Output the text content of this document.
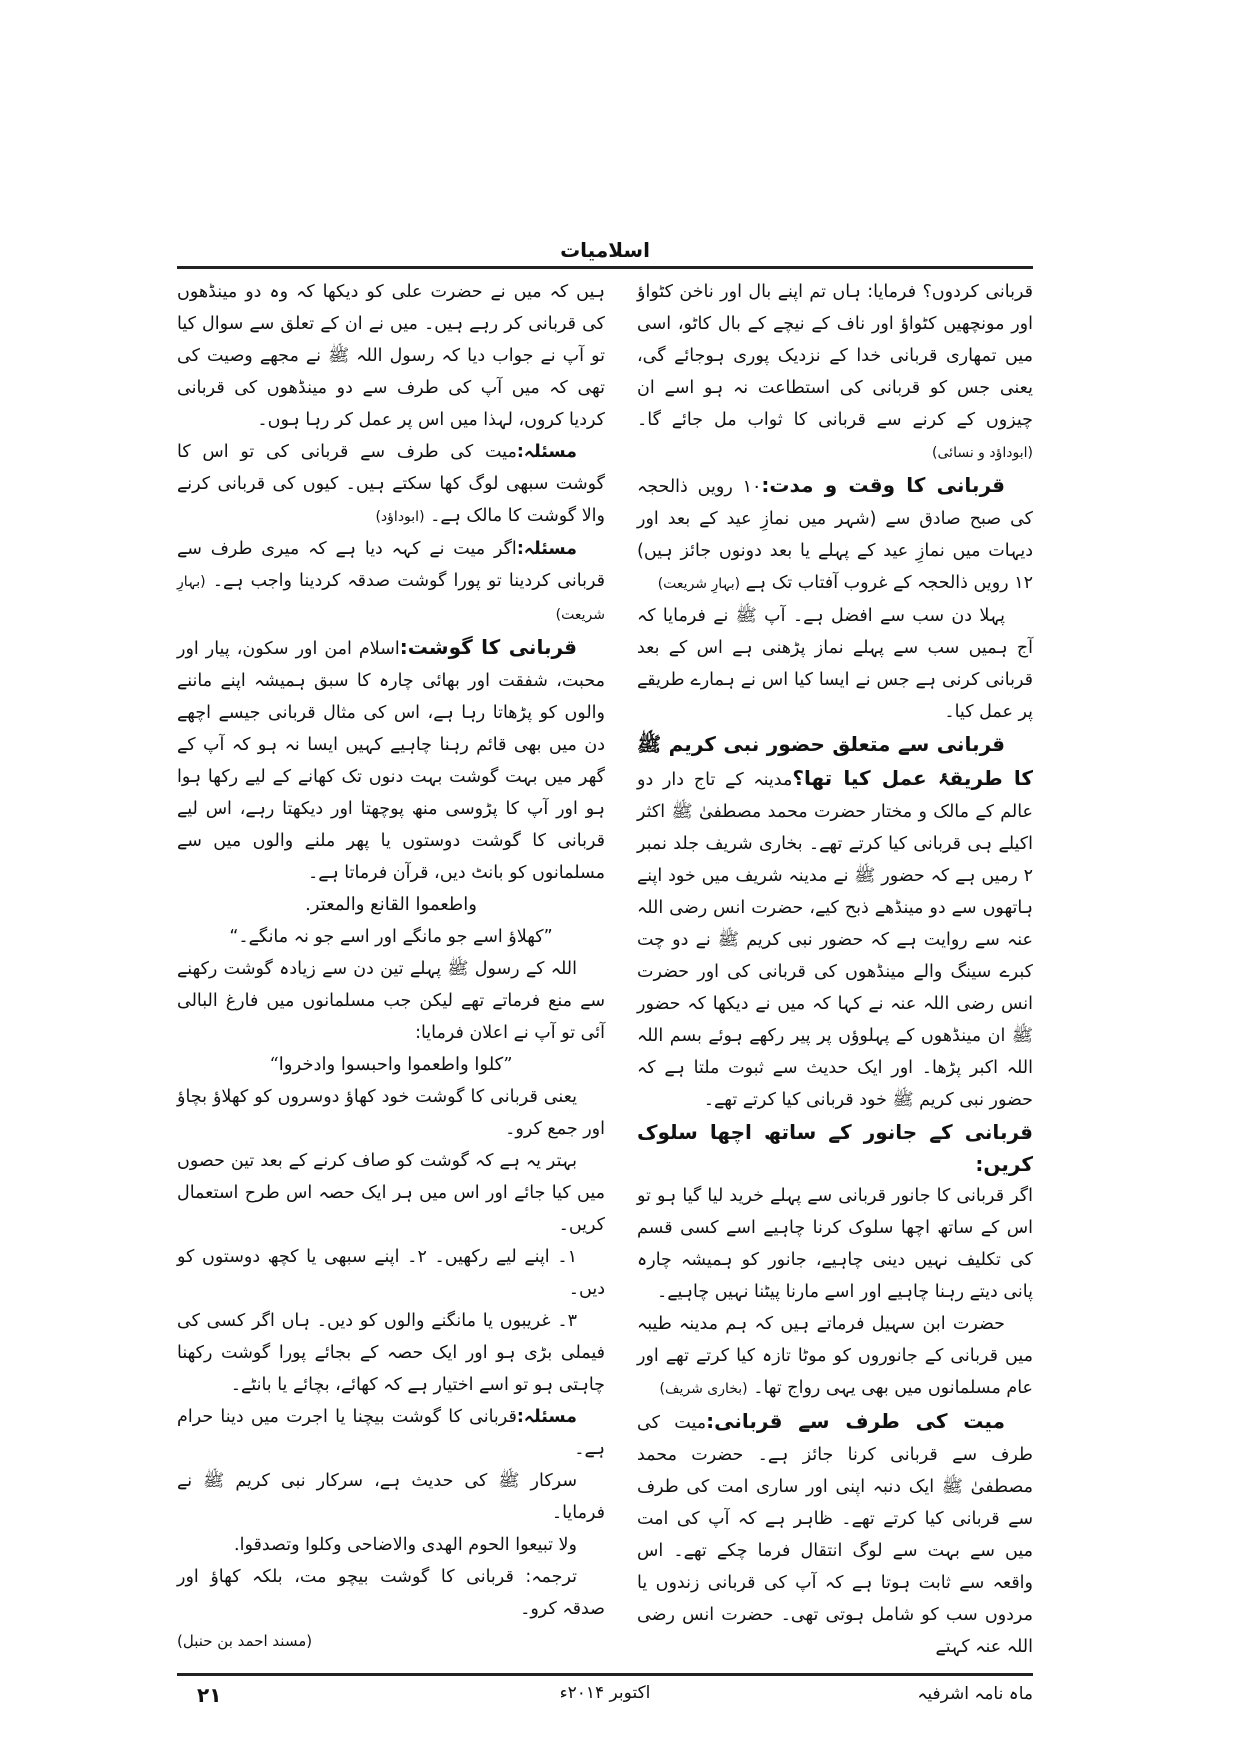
اسلامیات

قربانی کردوں؟ فرمایا: ہاں تم اپنے بال اور ناخن کٹواؤ اور مونچھیں کٹواؤ اور ناف کے نیچے کے بال کاٹو، اسی میں تمھاری قربانی خدا کے نزدیک پوری ہوجائے گی، یعنی جس کو قربانی کی استطاعت نہ ہو اسے ان چیزوں کے کرنے سے قربانی کا ثواب مل جائے گا۔ (ابوداؤد و نسائی)

قربانی کا وقت و مدت:۱۰ رویں ذالحجہ کی صبح صادق سے (شہر میں نمازِ عید کے بعد اور دیہات میں نمازِ عید کے پہلے یا بعد دونوں جائز ہیں) ۱۲ رویں ذالحجہ کے غروب آفتاب تک ہے (بہارِ شریعت)

پہلا دن سب سے افضل ہے۔ آپ ﷺ نے فرمایا کہ آج ہمیں سب سے پہلے نماز پڑھنی ہے اس کے بعد قربانی کرنی ہے جس نے ایسا کیا اس نے ہمارے طریقے پر عمل کیا۔

قربانی سے متعلق حضور نبی کریم ﷺ کا طریقۂ عمل کیا تھا؟مدینہ کے تاج دار دو عالم کے مالک و مختار حضرت محمد مصطفیٰ ﷺ اکثر اکیلے ہی قربانی کیا کرتے تھے۔ بخاری شریف جلد نمبر ۲ رمیں ہے کہ حضور ﷺ نے مدینہ شریف میں خود اپنے ہاتھوں سے دو مینڈھے ذبح کیے، حضرت انس رضی اللہ عنہ سے روایت ہے کہ حضور نبی کریم ﷺ نے دو چت کبرے سینگ والے مینڈھوں کی قربانی کی اور حضرت انس رضی اللہ عنہ نے کہا کہ میں نے دیکھا کہ حضور ﷺ ان مینڈھوں کے پہلوؤں پر پیر رکھے ہوئے بسم اللہ اللہ اکبر پڑھا۔ اور ایک حدیث سے ثبوت ملتا ہے کہ حضور نبی کریم ﷺ خود قربانی کیا کرتے تھے۔

قربانی کے جانور کے ساتھ اچھا سلوک کریں:

اگر قربانی کا جانور قربانی سے پہلے خرید لیا گیا ہو تو اس کے ساتھ اچھا سلوک کرنا چاہیے اسے کسی قسم کی تکلیف نہیں دینی چاہیے، جانور کو ہمیشہ چارہ پانی دیتے رہنا چاہیے اور اسے مارنا پیٹنا نہیں چاہیے۔

حضرت ابن سہیل فرماتے ہیں کہ ہم مدینہ طیبہ میں قربانی کے جانوروں کو موٹا تازہ کیا کرتے تھے اور عام مسلمانوں میں بھی یہی رواج تھا۔ (بخاری شریف)

میت کی طرف سے قربانی:میت کی طرف سے قربانی کرنا جائز ہے۔ حضرت محمد مصطفیٰ ﷺ ایک دنبہ اپنی اور ساری امت کی طرف سے قربانی کیا کرتے تھے۔ ظاہر ہے کہ آپ کی امت میں سے بہت سے لوگ انتقال فرما چکے تھے۔ اس واقعہ سے ثابت ہوتا ہے کہ آپ کی قربانی زندوں یا مردوں سب کو شامل ہوتی تھی۔ حضرت انس رضی اللہ عنہ کہتے

ہیں کہ میں نے حضرت علی کو دیکھا کہ وہ دو مینڈھوں کی قربانی کر رہے ہیں۔ میں نے ان کے تعلق سے سوال کیا تو آپ نے جواب دیا کہ رسول اللہ ﷺ نے مجھے وصیت کی تھی کہ میں آپ کی طرف سے دو مینڈھوں کی قربانی کردیا کروں، لہذا میں اس پر عمل کر رہا ہوں۔

مسئلہ:میت کی طرف سے قربانی کی تو اس کا گوشت سبھی لوگ کھا سکتے ہیں۔ کیوں کی قربانی کرنے والا گوشت کا مالک ہے۔ (ابوداؤد)

مسئلہ:اگر میت نے کہہ دیا ہے کہ میری طرف سے قربانی کردینا تو پورا گوشت صدقہ کردینا واجب ہے۔ (بہارِ شریعت)

قربانی کا گوشت:اسلام امن اور سکون، پیار اور محبت، شفقت اور بھائی چارہ کا سبق ہمیشہ اپنے ماننے والوں کو پڑھاتا رہا ہے، اس کی مثال قربانی جیسے اچھے دن میں بھی قائم رہنا چاہیے کہیں ایسا نہ ہو کہ آپ کے گھر میں بہت گوشت بہت دنوں تک کھانے کے لیے رکھا ہوا ہو اور آپ کا پڑوسی منھ پوچھتا اور دیکھتا رہے، اس لیے قربانی کا گوشت دوستوں یا پھر ملنے والوں میں سے مسلمانوں کو بانٹ دیں، قرآن فرماتا ہے۔

واطعموا القانع والمعتر.

”کھلاؤ اسے جو مانگے اور اسے جو نہ مانگے۔“

اللہ کے رسول ﷺ پہلے تین دن سے زیادہ گوشت رکھنے سے منع فرماتے تھے لیکن جب مسلمانوں میں فارغ البالی آئی تو آپ نے اعلان فرمایا:

”کلوا واطعموا واحبسوا وادخروا“

یعنی قربانی کا گوشت خود کھاؤ دوسروں کو کھلاؤ بچاؤ اور جمع کرو۔

بہتر یہ ہے کہ گوشت کو صاف کرنے کے بعد تین حصوں میں کیا جائے اور اس میں ہر ایک حصہ اس طرح استعمال کریں۔

۱۔ اپنے لیے رکھیں۔ ۲۔ اپنے سبھی یا کچھ دوستوں کو دیں۔

۳۔ غریبوں یا مانگنے والوں کو دیں۔ ہاں اگر کسی کی فیملی بڑی ہو اور ایک حصہ کے بجائے پورا گوشت رکھنا چاہتی ہو تو اسے اختیار ہے کہ کھائے، بچائے یا بانٹے۔

مسئلہ:قربانی کا گوشت بیچنا یا اجرت میں دینا حرام ہے۔

سرکار ﷺ کی حدیث ہے، سرکار نبی کریم ﷺ نے فرمایا۔

ولا تبیعوا الحوم الھدی والاضاحی وکلوا وتصدقوا.

ترجمہ: قربانی کا گوشت بیچو مت، بلکہ کھاؤ اور صدقہ کرو۔

(مسند احمد بن حنبل)

ماہ نامہ اشرفیہ
اکتوبر ۲۰۱۴ء
۲۱
